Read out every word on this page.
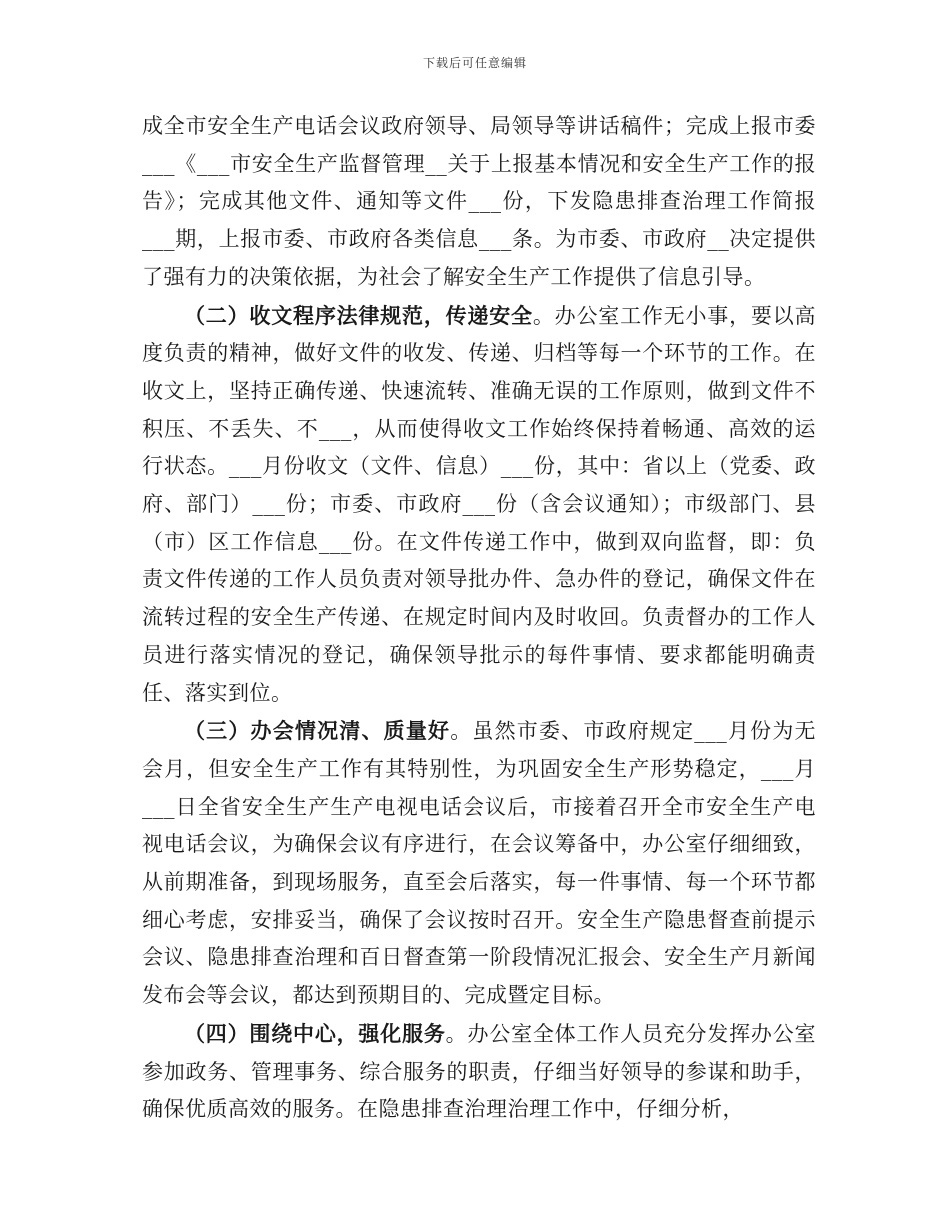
下载后可任意编辑

成全市安全生产电话会议政府领导、局领导等讲话稿件；完成上报市委___《___市安全生产监督管理__关于上报基本情况和安全生产工作的报告》；完成其他文件、通知等文件___份，下发隐患排查治理工作简报___期，上报市委、市政府各类信息___条。为市委、市政府__决定提供了强有力的决策依据，为社会了解安全生产工作提供了信息引导。

（二）收文程序法律规范，传递安全。办公室工作无小事，要以高度负责的精神，做好文件的收发、传递、归档等每一个环节的工作。在收文上，坚持正确传递、快速流转、准确无误的工作原则，做到文件不积压、不丢失、不___，从而使得收文工作始终保持着畅通、高效的运行状态。___月份收文（文件、信息）___份，其中：省以上（党委、政府、部门）___份；市委、市政府___份（含会议通知）；市级部门、县（市）区工作信息___份。在文件传递工作中，做到双向监督，即：负责文件传递的工作人员负责对领导批办件、急办件的登记，确保文件在流转过程的安全生产传递、在规定时间内及时收回。负责督办的工作人员进行落实情况的登记，确保领导批示的每件事情、要求都能明确责任、落实到位。

（三）办会情况清、质量好。虽然市委、市政府规定___月份为无会月，但安全生产工作有其特别性，为巩固安全生产形势稳定，___月___日全省安全生产生产电视电话会议后，市接着召开全市安全生产电视电话会议，为确保会议有序进行，在会议筹备中，办公室仔细细致，从前期准备，到现场服务，直至会后落实，每一件事情、每一个环节都细心考虑，安排妥当，确保了会议按时召开。安全生产隐患督查前提示会议、隐患排查治理和百日督查第一阶段情况汇报会、安全生产月新闻发布会等会议，都达到预期目的、完成暨定目标。

（四）围绕中心，强化服务。办公室全体工作人员充分发挥办公室参加政务、管理事务、综合服务的职责，仔细当好领导的参谋和助手，确保优质高效的服务。在隐患排查治理治理工作中，仔细分析，
